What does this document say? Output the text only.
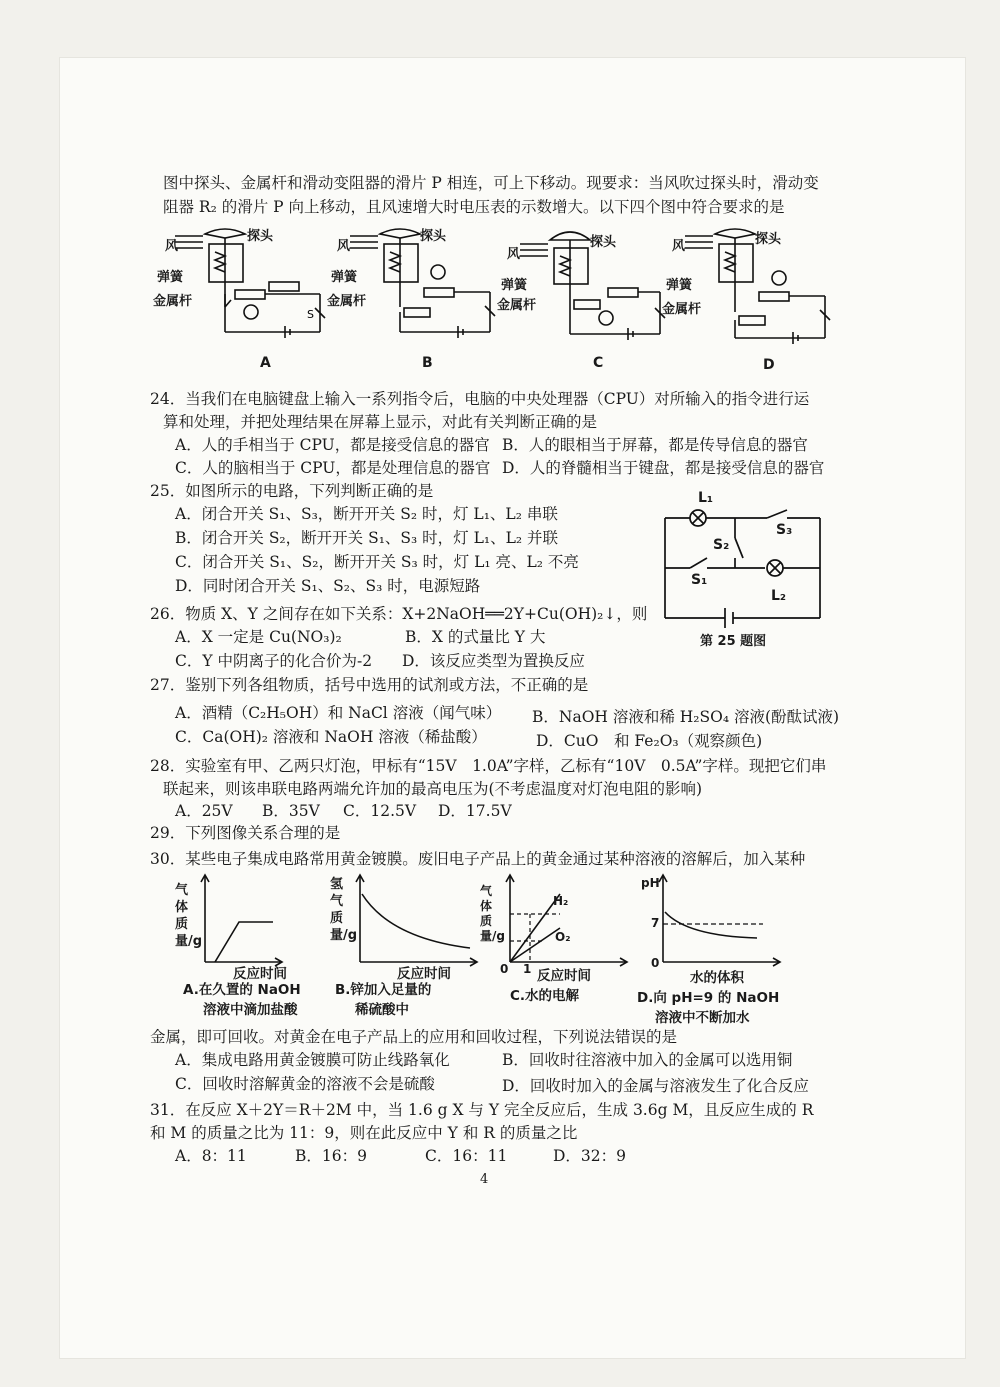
图中探头、金属杆和滑动变阻器的滑片 P 相连，可上下移动。现要求：当风吹过探头时，滑动变
阻器 R₂ 的滑片 P 向上移动，且风速增大时电压表的示数增大。以下四个图中符合要求的是
S
风
探头
弹簧
金属杆
A
风
探头
弹簧
金属杆
B
风
探头
弹簧
金属杆
C
风	探头
弹簧
金属杆
D
24．当我们在电脑键盘上输入一系列指令后，电脑的中央处理器（CPU）对所输入的指令进行运
算和处理，并把处理结果在屏幕上显示，对此有关判断正确的是
A．人的手相当于 CPU，都是接受信息的器官 B．人的眼相当于屏幕，都是传导信息的器官
C．人的脑相当于 CPU，都是处理信息的器官 D．人的脊髓相当于键盘，都是接受信息的器官
25．如图所示的电路，下列判断正确的是
A．闭合开关 S₁、S₃，断开开关 S₂ 时，灯 L₁、L₂ 串联
B．闭合开关 S₂，断开开关 S₁、S₃ 时，灯 L₁、L₂ 并联
C．闭合开关 S₁、S₂，断开开关 S₃ 时，灯 L₁ 亮、L₂ 不亮
D．同时闭合开关 S₁、S₂、S₃ 时，电源短路
L₁
S₃
S₂
S₁
L₂
第 25 题图
26．物质 X、Y 之间存在如下关系：X+2NaOH══2Y+Cu(OH)₂↓，则
A．X 一定是 Cu(NO₃)₂	B．X 的式量比 Y 大
C．Y 中阴离子的化合价为-2 D．该反应类型为置换反应
27．鉴别下列各组物质，括号中选用的试剂或方法，不正确的是
A．酒精（C₂H₅OH）和 NaCl 溶液（闻气味） B．NaOH 溶液和稀 H₂SO₄ 溶液(酚酞试液)
C．Ca(OH)₂ 溶液和 NaOH 溶液（稀盐酸）	D．CuO　和 Fe₂O₃（观察颜色)
28．实验室有甲、乙两只灯泡，甲标有“15V　1.0A”字样，乙标有“10V　0.5A”字样。现把它们串
联起来，则该串联电路两端允许加的最高电压为(不考虑温度对灯泡电阻的影响)
A．25V B．35V C．12.5V D．17.5V
29．下列图像关系合理的是
30．某些电子集成电路常用黄金镀膜。废旧电子产品上的黄金通过某种溶液的溶解后，加入某种
气体质量/g
反应时间
A.在久置的 NaOH
溶液中滴加盐酸
氢气质量/g
反应时间
B.锌加入足量的
稀硫酸中
气体质量/g
H₂
O₂
1
0 反应时间
C.水的电解
pH
7
0
水的体积
D.向 pH=9 的 NaOH
溶液中不断加水
金属，即可回收。对黄金在电子产品上的应用和回收过程，下列说法错误的是
A．集成电路用黄金镀膜可防止线路氧化	B．回收时往溶液中加入的金属可以选用铜
C．回收时溶解黄金的溶液不会是硫酸	D．回收时加入的金属与溶液发生了化合反应
31．在反应 X＋2Y＝R＋2M 中，当 1.6 g X 与 Y 完全反应后，生成 3.6g M，且反应生成的 R
和 M 的质量之比为 11：9，则在此反应中 Y 和 R 的质量之比
A．8：11	B．16：9	C．16：11	D．32：9
4
